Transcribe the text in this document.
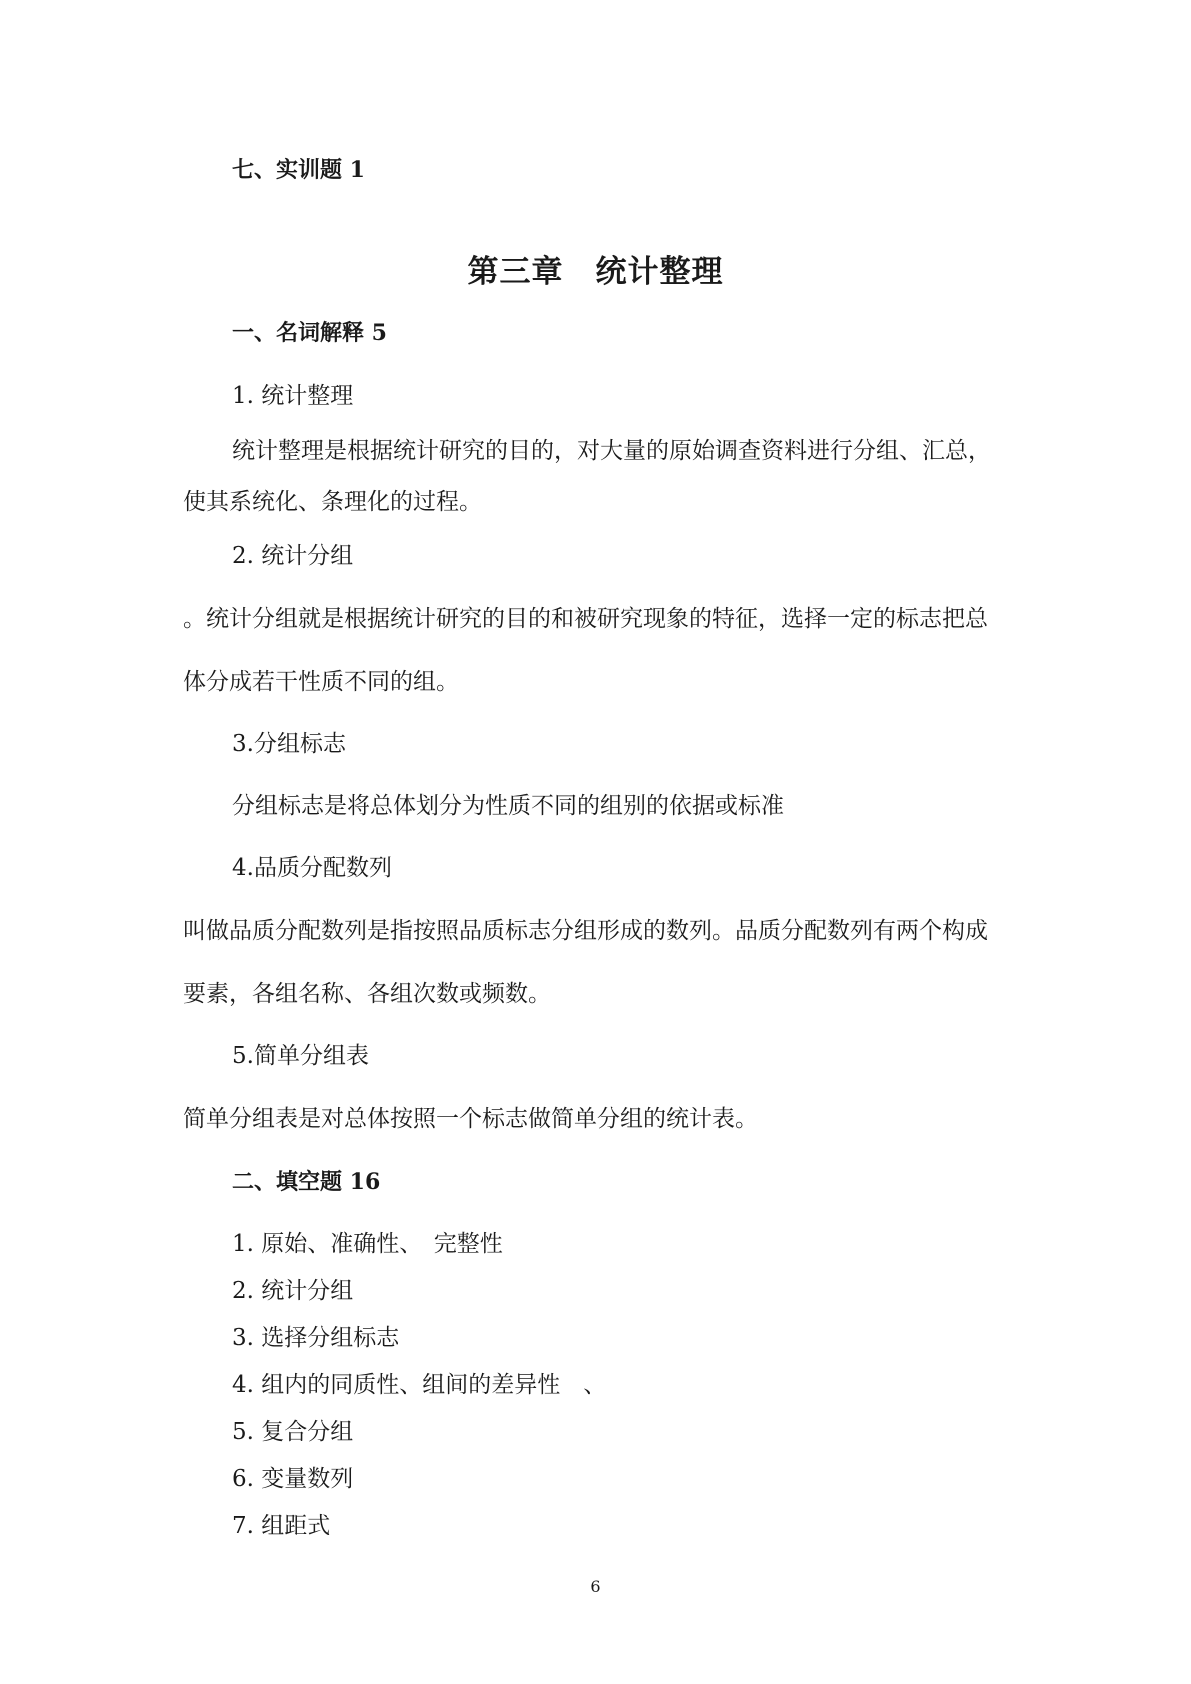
七、实训题 1
第三章　统计整理
一、名词解释 5
1. 统计整理
统计整理是根据统计研究的目的，对大量的原始调查资料进行分组、汇总，
使其系统化、条理化的过程。
2. 统计分组
。统计分组就是根据统计研究的目的和被研究现象的特征，选择一定的标志把总
体分成若干性质不同的组。
3.分组标志
分组标志是将总体划分为性质不同的组别的依据或标准
4.品质分配数列
叫做品质分配数列是指按照品质标志分组形成的数列。品质分配数列有两个构成
要素，各组名称、各组次数或频数。
5.简单分组表
简单分组表是对总体按照一个标志做简单分组的统计表。
二、填空题 16
1. 原始、准确性、　完整性
2. 统计分组
3. 选择分组标志
4. 组内的同质性、组间的差异性　、
5. 复合分组
6. 变量数列
7. 组距式
6
